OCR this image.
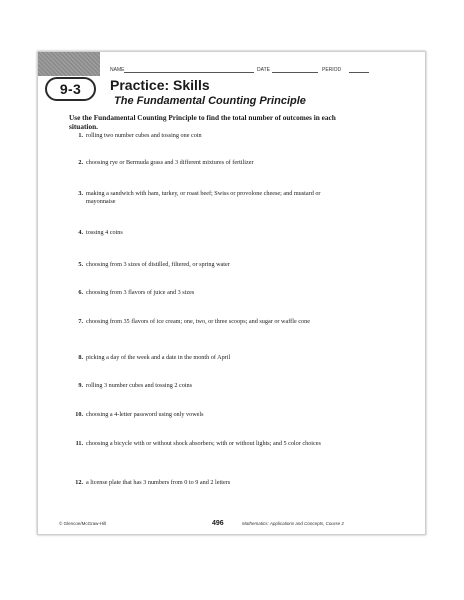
9-3
NAME	DATE	PERIOD
Practice: Skills
The Fundamental Counting Principle
Use the Fundamental Counting Principle to find the total number of outcomes in each situation.
1. rolling two number cubes and tossing one coin
2. choosing rye or Bermuda grass and 3 different mixtures of fertilizer
3. making a sandwich with ham, turkey, or roast beef; Swiss or provolone cheese; and mustard or mayonnaise
4. tossing 4 coins
5. choosing from 3 sizes of distilled, filtered, or spring water
6. choosing from 3 flavors of juice and 3 sizes
7. choosing from 35 flavors of ice cream; one, two, or three scoops; and sugar or waffle cone
8. picking a day of the week and a date in the month of April
9. rolling 3 number cubes and tossing 2 coins
10. choosing a 4-letter password using only vowels
11. choosing a bicycle with or without shock absorbers; with or without lights; and 5 color choices
12. a license plate that has 3 numbers from 0 to 9 and 2 letters
© Glencoe/McGraw-Hill	496	Mathematics: Applications and Concepts, Course 2
